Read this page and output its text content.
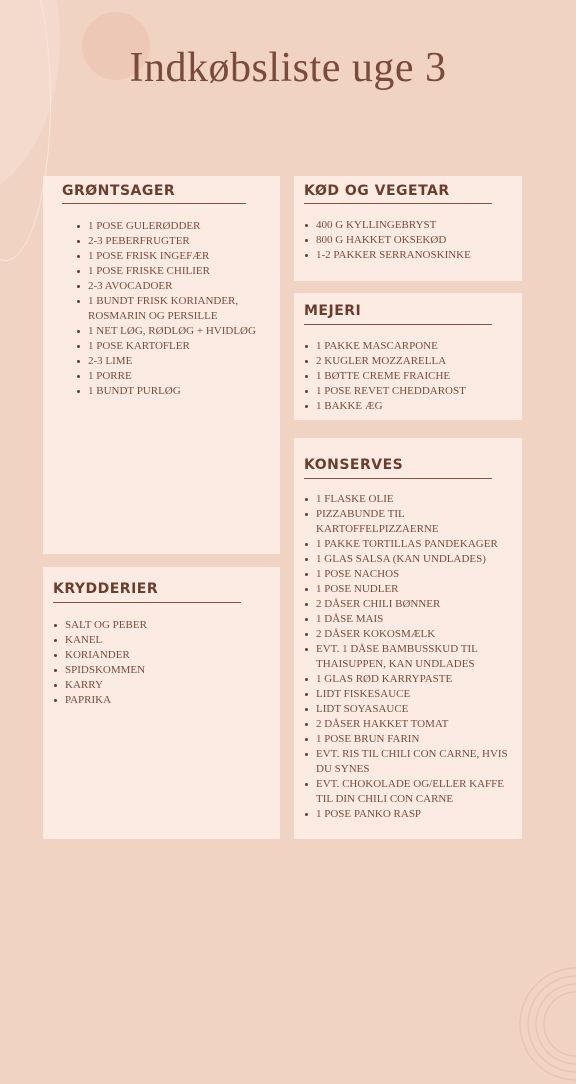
Indkøbsliste uge 3
GRØNTSAGER
1 POSE GULERØDDER
2-3 PEBERFRUGTER
1 POSE FRISK INGEFÆR
1 POSE FRISKE CHILIER
2-3 AVOCADOER
1 BUNDT FRISK KORIANDER, ROSMARIN OG PERSILLE
1 NET LØG, RØDLØG + HVIDLØG
1 POSE KARTOFLER
2-3 LIME
1 PORRE
1 BUNDT PURLØG
KØD OG VEGETAR
400 G KYLLINGEBRYST
800 G HAKKET OKSEKØD
1-2 PAKKER SERRANOSKINKE
MEJERI
1 PAKKE MASCARPONE
2 KUGLER MOZZARELLA
1 BØTTE CREME FRAICHE
1 POSE REVET CHEDDAROST
1 BAKKE ÆG
KRYDDERIER
SALT OG PEBER
KANEL
KORIANDER
SPIDSKOMMEN
KARRY
PAPRIKA
KONSERVES
1 FLASKE OLIE
PIZZABUNDE TIL KARTOFFELPIZZAERNE
1 PAKKE TORTILLAS PANDEKAGER
1 GLAS SALSA (KAN UNDLADES)
1 POSE NACHOS
1 POSE NUDLER
2 DÅSER CHILI BØNNER
1 DÅSE MAIS
2 DÅSER KOKOSMÆLK
EVT. 1 DÅSE BAMBUSSKUD TIL THAISUPPEN, KAN UNDLADES
1 GLAS RØD KARRYPASTE
LIDT FISKESAUCE
LIDT SOYASAUCE
2 DÅSER HAKKET TOMAT
1 POSE BRUN FARIN
EVT. RIS TIL CHILI CON CARNE, HVIS DU SYNES
EVT. CHOKOLADE OG/ELLER KAFFE TIL DIN CHILI CON CARNE
1 POSE PANKO RASP
